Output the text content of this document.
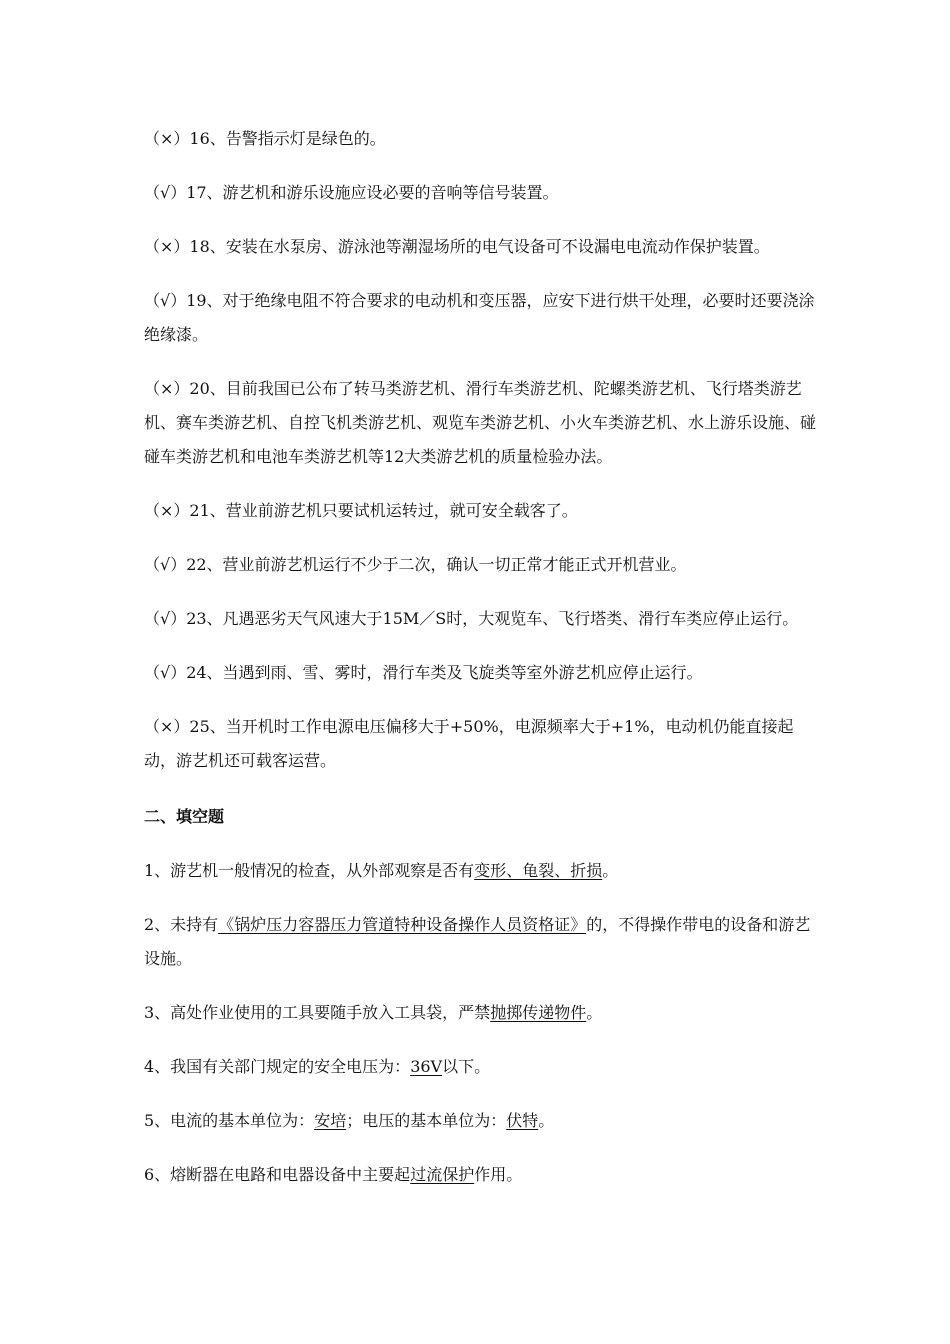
（×）16、告警指示灯是绿色的。

（√）17、游艺机和游乐设施应设必要的音响等信号装置。

（×）18、安装在水泵房、游泳池等潮湿场所的电气设备可不设漏电电流动作保护装置。

（√）19、对于绝缘电阻不符合要求的电动机和变压器，应安下进行烘干处理，必要时还要浇涂绝缘漆。

（×）20、目前我国已公布了转马类游艺机、滑行车类游艺机、陀螺类游艺机、飞行塔类游艺机、赛车类游艺机、自控飞机类游艺机、观览车类游艺机、小火车类游艺机、水上游乐设施、碰碰车类游艺机和电池车类游艺机等12大类游艺机的质量检验办法。

（×）21、营业前游艺机只要试机运转过，就可安全载客了。

（√）22、营业前游艺机运行不少于二次，确认一切正常才能正式开机营业。

（√）23、凡遇恶劣天气风速大于15M／S时，大观览车、飞行塔类、滑行车类应停止运行。

（√）24、当遇到雨、雪、雾时，滑行车类及飞旋类等室外游艺机应停止运行。

（×）25、当开机时工作电源电压偏移大于+50%，电源频率大于+1%，电动机仍能直接起动，游艺机还可载客运营。

二、填空题

1、游艺机一般情况的检查，从外部观察是否有变形、龟裂、折损。

2、未持有《锅炉压力容器压力管道特种设备操作人员资格证》的，不得操作带电的设备和游艺设施。

3、高处作业使用的工具要随手放入工具袋，严禁抛掷传递物件。

4、我国有关部门规定的安全电压为：36V以下。

5、电流的基本单位为：安培；电压的基本单位为：伏特。

6、熔断器在电路和电器设备中主要起过流保护作用。
